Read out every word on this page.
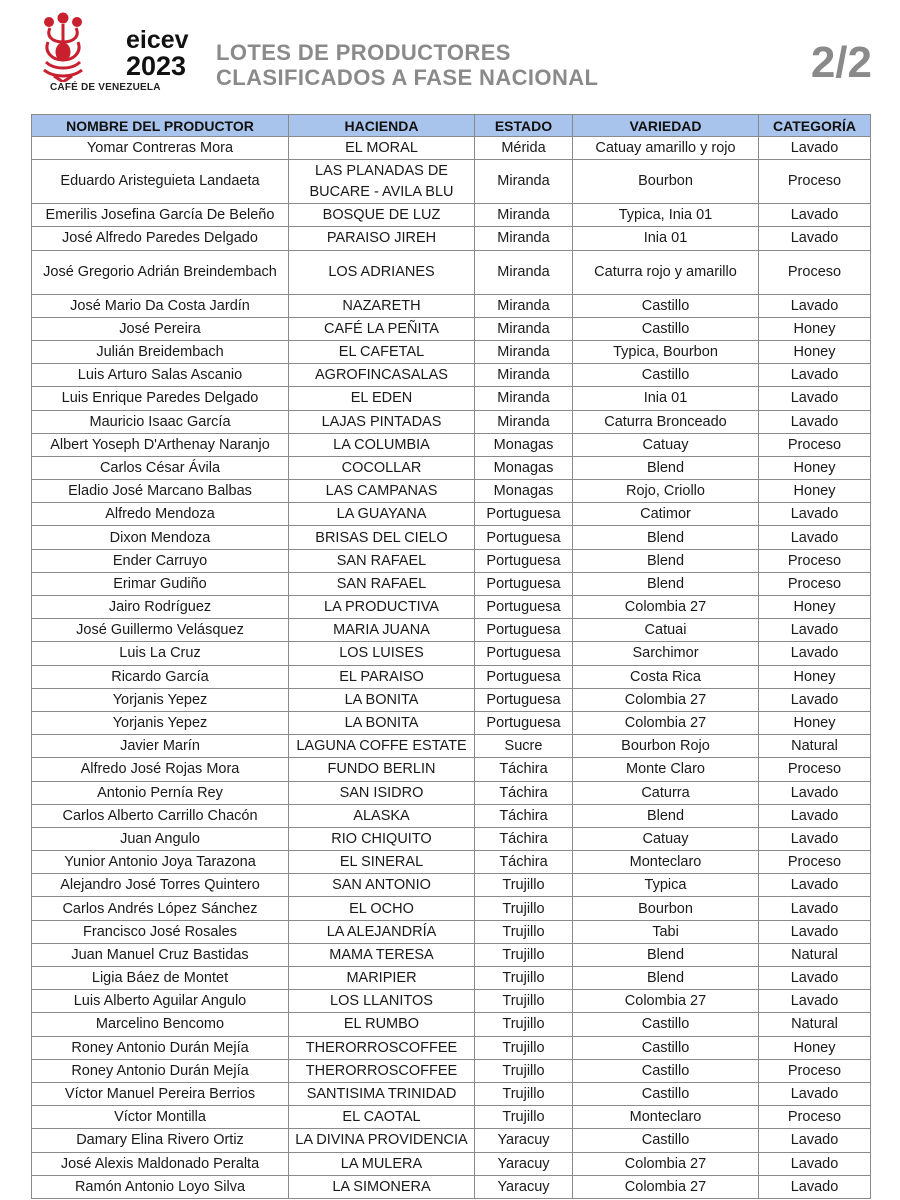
eicev
2023
CAFÉ DE VENEZUELA
LOTES DE PRODUCTORES
CLASIFICADOS A FASE NACIONAL	2/2
NOMBRE DEL PRODUCTOR	HACIENDA	ESTADO	VARIEDAD	CATEGORÍA
Yomar Contreras Mora	EL MORAL	Mérida	Catuay amarillo y rojo	Lavado
Eduardo Aristeguieta Landaeta	LAS PLANADAS DE BUCARE - AVILA BLU	Miranda	Bourbon	Proceso
Emerilis Josefina García De Beleño	BOSQUE DE LUZ	Miranda	Typica, Inia 01	Lavado
José Alfredo Paredes Delgado	PARAISO JIREH	Miranda	Inia 01	Lavado
José Gregorio Adrián Breindembach	LOS ADRIANES	Miranda	Caturra rojo y amarillo	Proceso
José Mario Da Costa Jardín	NAZARETH	Miranda	Castillo	Lavado
José Pereira	CAFÉ LA PEÑITA	Miranda	Castillo	Honey
Julián Breidembach	EL CAFETAL	Miranda	Typica, Bourbon	Honey
Luis Arturo Salas Ascanio	AGROFINCASALAS	Miranda	Castillo	Lavado
Luis Enrique Paredes Delgado	EL EDEN	Miranda	Inia 01	Lavado
Mauricio Isaac García	LAJAS PINTADAS	Miranda	Caturra Bronceado	Lavado
Albert Yoseph D'Arthenay Naranjo	LA COLUMBIA	Monagas	Catuay	Proceso
Carlos César Ávila	COCOLLAR	Monagas	Blend	Honey
Eladio José Marcano Balbas	LAS CAMPANAS	Monagas	Rojo, Criollo	Honey
Alfredo Mendoza	LA GUAYANA	Portuguesa	Catimor	Lavado
Dixon Mendoza	BRISAS DEL CIELO	Portuguesa	Blend	Lavado
Ender Carruyo	SAN RAFAEL	Portuguesa	Blend	Proceso
Erimar Gudiño	SAN RAFAEL	Portuguesa	Blend	Proceso
Jairo Rodríguez	LA PRODUCTIVA	Portuguesa	Colombia 27	Honey
José Guillermo Velásquez	MARIA JUANA	Portuguesa	Catuai	Lavado
Luis La Cruz	LOS LUISES	Portuguesa	Sarchimor	Lavado
Ricardo García	EL PARAISO	Portuguesa	Costa Rica	Honey
Yorjanis Yepez	LA BONITA	Portuguesa	Colombia 27	Lavado
Yorjanis Yepez	LA BONITA	Portuguesa	Colombia 27	Honey
Javier Marín	LAGUNA COFFE ESTATE	Sucre	Bourbon Rojo	Natural
Alfredo José Rojas Mora	FUNDO BERLIN	Táchira	Monte Claro	Proceso
Antonio Pernía Rey	SAN ISIDRO	Táchira	Caturra	Lavado
Carlos Alberto Carrillo Chacón	ALASKA	Táchira	Blend	Lavado
Juan Angulo	RIO CHIQUITO	Táchira	Catuay	Lavado
Yunior Antonio Joya Tarazona	EL SINERAL	Táchira	Monteclaro	Proceso
Alejandro José Torres Quintero	SAN ANTONIO	Trujillo	Typica	Lavado
Carlos Andrés López Sánchez	EL OCHO	Trujillo	Bourbon	Lavado
Francisco José Rosales	LA ALEJANDRÍA	Trujillo	Tabi	Lavado
Juan Manuel Cruz Bastidas	MAMA TERESA	Trujillo	Blend	Natural
Ligia Báez de Montet	MARIPIER	Trujillo	Blend	Lavado
Luis Alberto Aguilar Angulo	LOS LLANITOS	Trujillo	Colombia 27	Lavado
Marcelino Bencomo	EL RUMBO	Trujillo	Castillo	Natural
Roney Antonio Durán Mejía	THERORROSCOFFEE	Trujillo	Castillo	Honey
Roney Antonio Durán Mejía	THERORROSCOFFEE	Trujillo	Castillo	Proceso
Víctor Manuel Pereira Berrios	SANTISIMA TRINIDAD	Trujillo	Castillo	Lavado
Víctor Montilla	EL CAOTAL	Trujillo	Monteclaro	Proceso
Damary Elina Rivero Ortiz	LA DIVINA PROVIDENCIA	Yaracuy	Castillo	Lavado
José Alexis Maldonado Peralta	LA MULERA	Yaracuy	Colombia 27	Lavado
Ramón Antonio Loyo Silva	LA SIMONERA	Yaracuy	Colombia 27	Lavado
